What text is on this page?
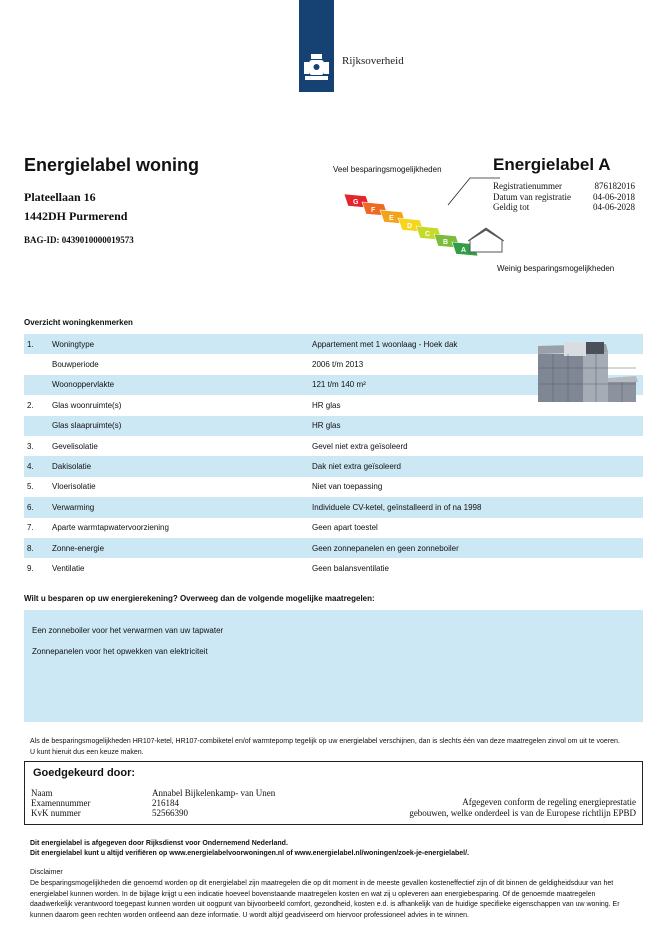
Rijksoverheid
Energielabel woning
Plateellaan 16
1442DH Purmerend
BAG-ID: 0439010000019573
Veel besparingsmogelijkheden
G
F
E
D
C
B
A
Weinig besparingsmogelijkheden
Energielabel A
Registratienummer	876182016
Datum van registratie 04-06-2018
Geldig tot	04-06-2028
Overzicht woningkenmerken
1.	Woningtype	Appartement met 1 woonlaag - Hoek dak
Bouwperiode	2006 t/m 2013
Woonoppervlakte	121 t/m 140 m²
2.	Glas woonruimte(s)	HR glas
Glas slaapruimte(s)	HR glas
3.	Gevelisolatie	Gevel niet extra geïsoleerd
4.	Dakisolatie	Dak niet extra geïsoleerd
5.	Vloerisolatie	Niet van toepassing
6.	Verwarming	Individuele CV-ketel, geïnstalleerd in of na 1998
7.	Aparte warmtapwatervoorziening	Geen apart toestel
8.	Zonne-energie	Geen zonnepanelen en geen zonneboiler
9.	Ventilatie	Geen balansventilatie
Wilt u besparen op uw energierekening? Overweeg dan de volgende mogelijke maatregelen:

Een zonneboiler voor het verwarmen van uw tapwater

Zonnepanelen voor het opwekken van elektriciteit

Als de besparingsmogelijkheden HR107-ketel, HR107-combiketel en/of warmtepomp tegelijk op uw energielabel verschijnen, dan is slechts één van deze maatregelen zinvol om uit te voeren. U kunt hieruit dus een keuze maken.
Goedgekeurd door:
Naam	Annabel Bijkelenkamp- van Unen
Examennummer	216184
KvK nummer	52566390
Afgegeven conform de regeling energieprestatie
gebouwen, welke onderdeel is van de Europese richtlijn EPBD
Dit energielabel is afgegeven door Rijksdienst voor Ondernemend Nederland.
Dit energielabel kunt u altijd verifiëren op www.energielabelvoorwoningen.nl of www.energielabel.nl/woningen/zoek-je-energielabel/.
Disclaimer
De besparingsmogelijkheden die genoemd worden op dit energielabel zijn maatregelen die op dit moment in de meeste gevallen kosteneffectief zijn of dit binnen de geldigheidsduur van het energielabel kunnen worden. In de bijlage krijgt u een indicatie hoeveel bovenstaande maatregelen kosten en wat zij u opleveren aan energiebesparing. Of de genoemde maatregelen daadwerkelijk verantwoord toegepast kunnen worden uit oogpunt van bijvoorbeeld comfort, gezondheid, kosten e.d. is afhankelijk van de huidige specifieke eigenschappen van uw woning. Er kunnen daarom geen rechten worden ontleend aan deze informatie. U wordt altijd geadviseerd om hiervoor professioneel advies in te winnen.
